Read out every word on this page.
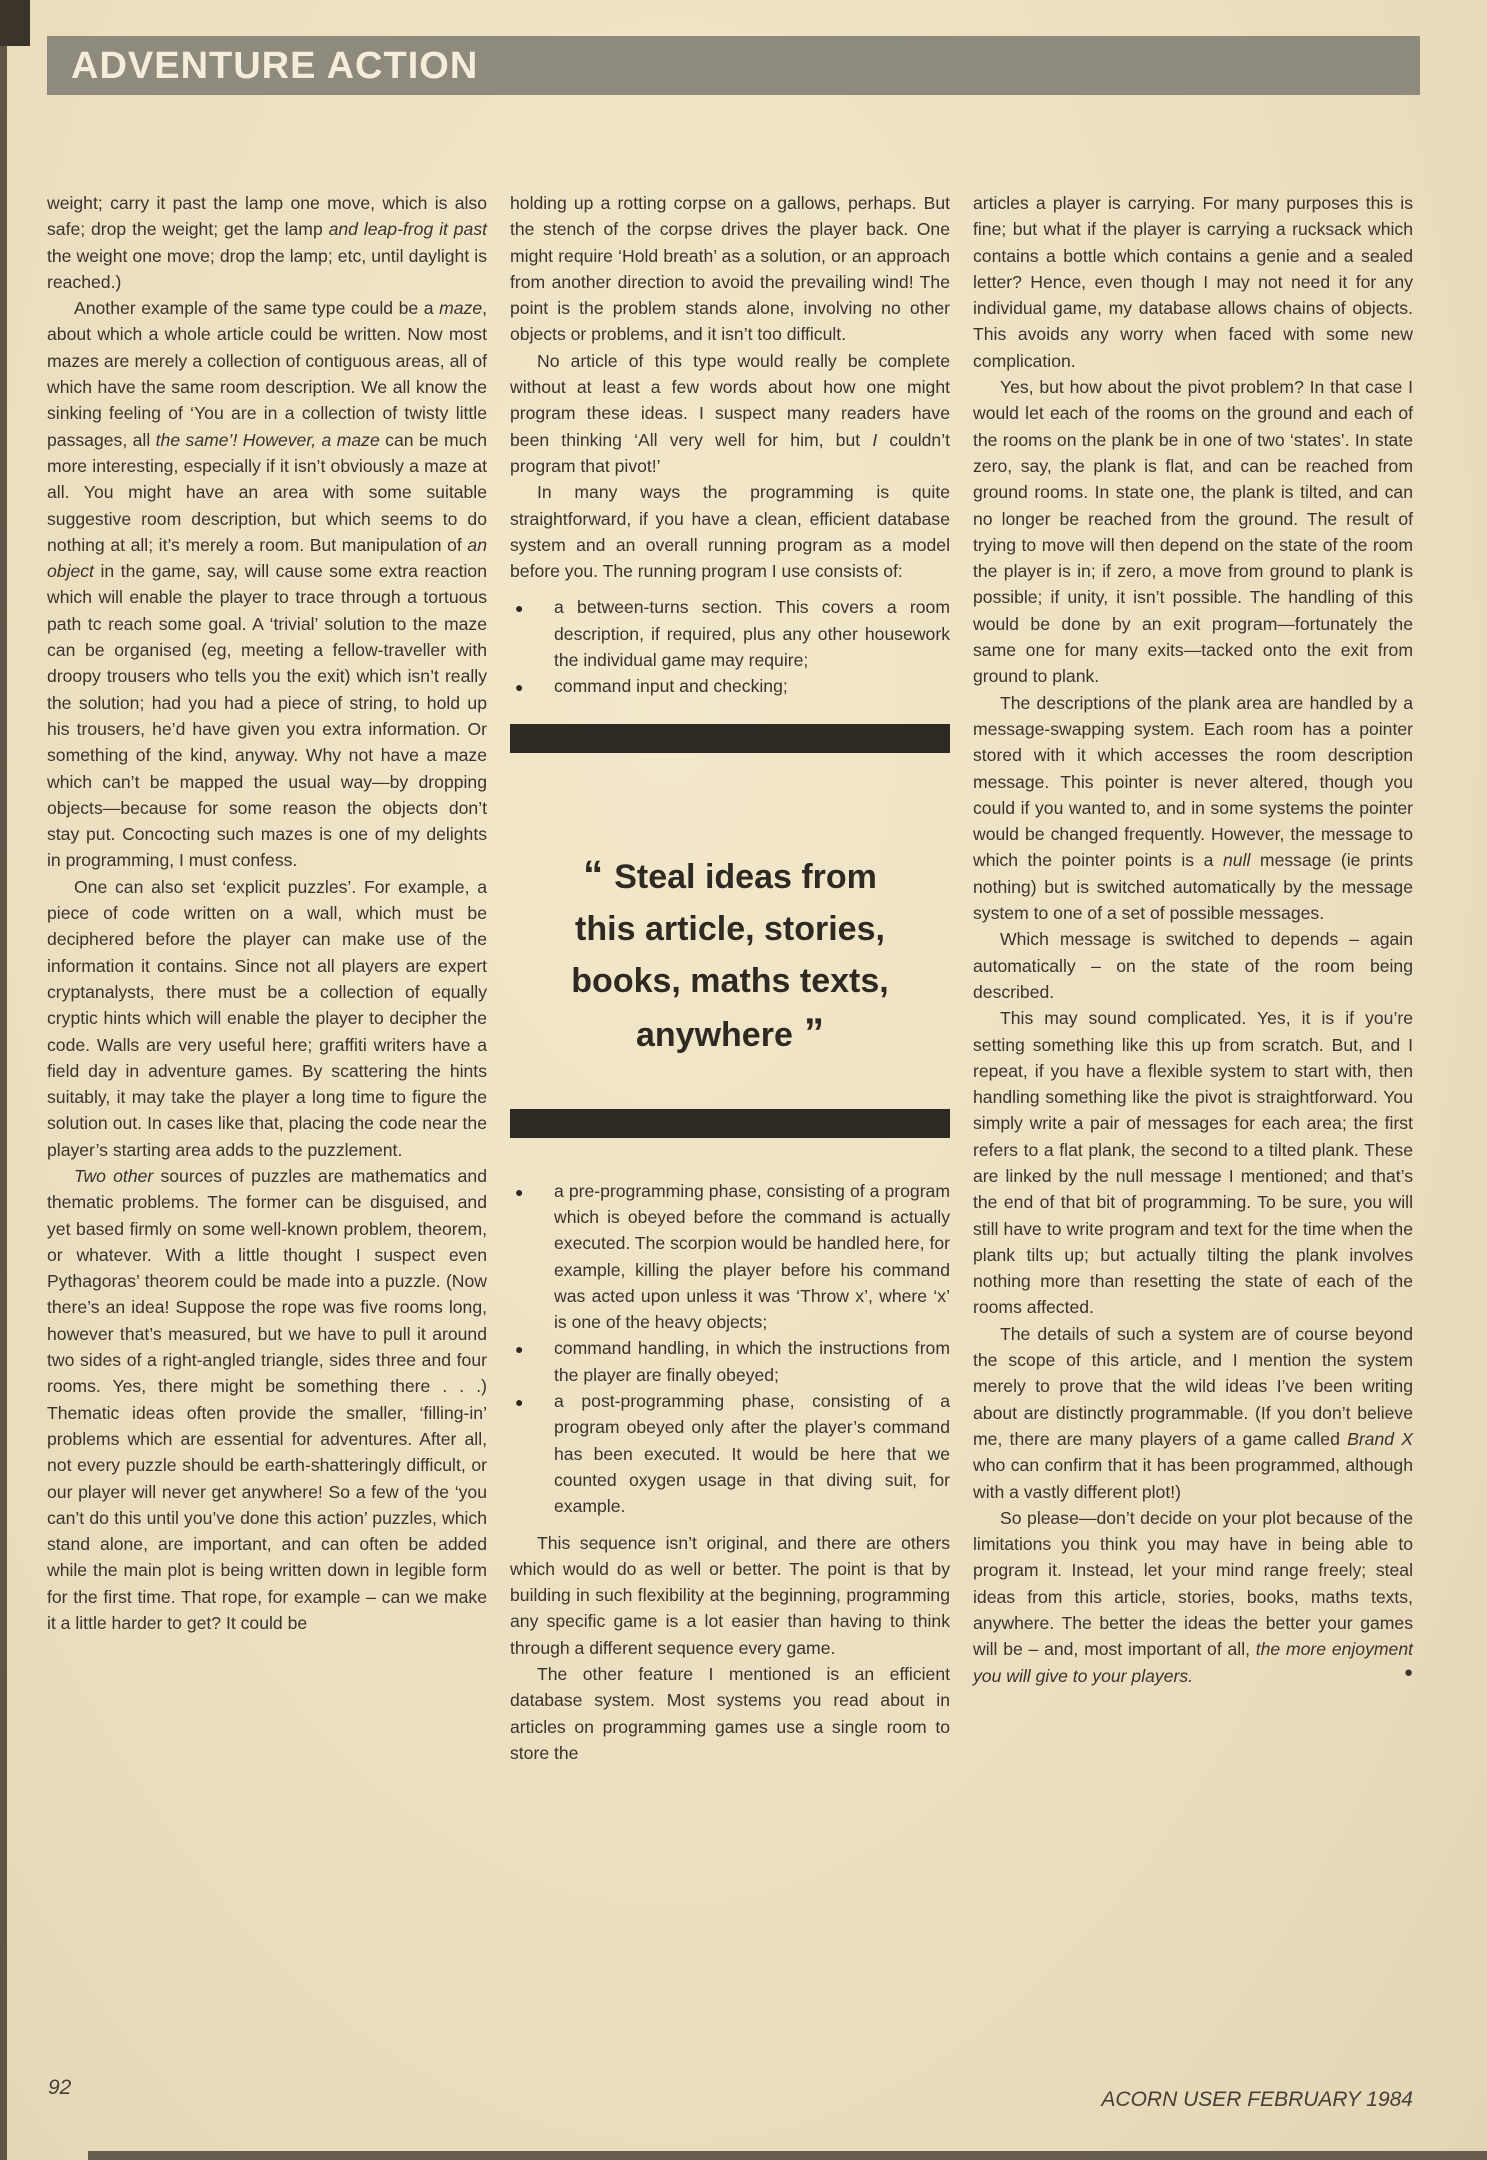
ADVENTURE ACTION

weight; carry it past the lamp one move, which is also safe; drop the weight; get the lamp and leap-frog it past the weight one move; drop the lamp; etc, until daylight is reached.)

Another example of the same type could be a maze, about which a whole article could be written. Now most mazes are merely a collection of contiguous areas, all of which have the same room description. We all know the sinking feeling of ‘You are in a collection of twisty little passages, all the same’! However, a maze can be much more interesting, especially if it isn’t obviously a maze at all. You might have an area with some suitable suggestive room description, but which seems to do nothing at all; it’s merely a room. But manipulation of an object in the game, say, will cause some extra reaction which will enable the player to trace through a tortuous path tc reach some goal. A ‘trivial’ solution to the maze can be organised (eg, meeting a fellow-traveller with droopy trousers who tells you the exit) which isn’t really the solution; had you had a piece of string, to hold up his trousers, he’d have given you extra information. Or something of the kind, anyway. Why not have a maze which can’t be mapped the usual way—by dropping objects—because for some reason the objects don’t stay put. Concocting such mazes is one of my delights in programming, I must confess.

One can also set ‘explicit puzzles’. For example, a piece of code written on a wall, which must be deciphered before the player can make use of the information it contains. Since not all players are expert cryptanalysts, there must be a collection of equally cryptic hints which will enable the player to decipher the code. Walls are very useful here; graffiti writers have a field day in adventure games. By scattering the hints suitably, it may take the player a long time to figure the solution out. In cases like that, placing the code near the player’s starting area adds to the puzzlement.

Two other sources of puzzles are mathematics and thematic problems. The former can be disguised, and yet based firmly on some well-known problem, theorem, or whatever. With a little thought I suspect even Pythagoras’ theorem could be made into a puzzle. (Now there’s an idea! Suppose the rope was five rooms long, however that’s measured, but we have to pull it around two sides of a right-angled triangle, sides three and four rooms. Yes, there might be something there . . .) Thematic ideas often provide the smaller, ‘filling-in’ problems which are essential for adventures. After all, not every puzzle should be earth-shatteringly difficult, or our player will never get anywhere! So a few of the ‘you can’t do this until you’ve done this action’ puzzles, which stand alone, are important, and can often be added while the main plot is being written down in legible form for the first time. That rope, for example – can we make it a little harder to get? It could be

holding up a rotting corpse on a gallows, perhaps. But the stench of the corpse drives the player back. One might require ‘Hold breath’ as a solution, or an approach from another direction to avoid the prevailing wind! The point is the problem stands alone, involving no other objects or problems, and it isn’t too difficult.

No article of this type would really be complete without at least a few words about how one might program these ideas. I suspect many readers have been thinking ‘All very well for him, but I couldn’t program that pivot!’

In many ways the programming is quite straightforward, if you have a clean, efficient database system and an overall running program as a model before you. The running program I use consists of:

● a between-turns section. This covers a room description, if required, plus any other housework the individual game may require;
● command input and checking;
“ Steal ideas from
this article, stories,
books, maths texts,
anywhere ”
● a pre-programming phase, consisting of a program which is obeyed before the command is actually executed. The scorpion would be handled here, for example, killing the player before his command was acted upon unless it was ‘Throw x’, where ‘x’ is one of the heavy objects;
● command handling, in which the instructions from the player are finally obeyed;
● a post-programming phase, consisting of a program obeyed only after the player’s command has been executed. It would be here that we counted oxygen usage in that diving suit, for example.

This sequence isn’t original, and there are others which would do as well or better. The point is that by building in such flexibility at the beginning, programming any specific game is a lot easier than having to think through a different sequence every game.

The other feature I mentioned is an efficient database system. Most systems you read about in articles on programming games use a single room to store the

articles a player is carrying. For many purposes this is fine; but what if the player is carrying a rucksack which contains a bottle which contains a genie and a sealed letter? Hence, even though I may not need it for any individual game, my database allows chains of objects. This avoids any worry when faced with some new complication.

Yes, but how about the pivot problem? In that case I would let each of the rooms on the ground and each of the rooms on the plank be in one of two ‘states’. In state zero, say, the plank is flat, and can be reached from ground rooms. In state one, the plank is tilted, and can no longer be reached from the ground. The result of trying to move will then depend on the state of the room the player is in; if zero, a move from ground to plank is possible; if unity, it isn’t possible. The handling of this would be done by an exit program—fortunately the same one for many exits—tacked onto the exit from ground to plank.

The descriptions of the plank area are handled by a message-swapping system. Each room has a pointer stored with it which accesses the room description message. This pointer is never altered, though you could if you wanted to, and in some systems the pointer would be changed frequently. However, the message to which the pointer points is a null message (ie prints nothing) but is switched automatically by the message system to one of a set of possible messages.

Which message is switched to depends – again automatically – on the state of the room being described.

This may sound complicated. Yes, it is if you’re setting something like this up from scratch. But, and I repeat, if you have a flexible system to start with, then handling something like the pivot is straightforward. You simply write a pair of messages for each area; the first refers to a flat plank, the second to a tilted plank. These are linked by the null message I mentioned; and that’s the end of that bit of programming. To be sure, you will still have to write program and text for the time when the plank tilts up; but actually tilting the plank involves nothing more than resetting the state of each of the rooms affected.

The details of such a system are of course beyond the scope of this article, and I mention the system merely to prove that the wild ideas I’ve been writing about are distinctly programmable. (If you don’t believe me, there are many players of a game called Brand X who can confirm that it has been programmed, although with a vastly different plot!)

So please—don’t decide on your plot because of the limitations you think you may have in being able to program it. Instead, let your mind range freely; steal ideas from this article, stories, books, maths texts, anywhere. The better the ideas the better your games will be – and, most important of all, the more enjoyment you will give to your players.	●

92
ACORN USER FEBRUARY 1984
